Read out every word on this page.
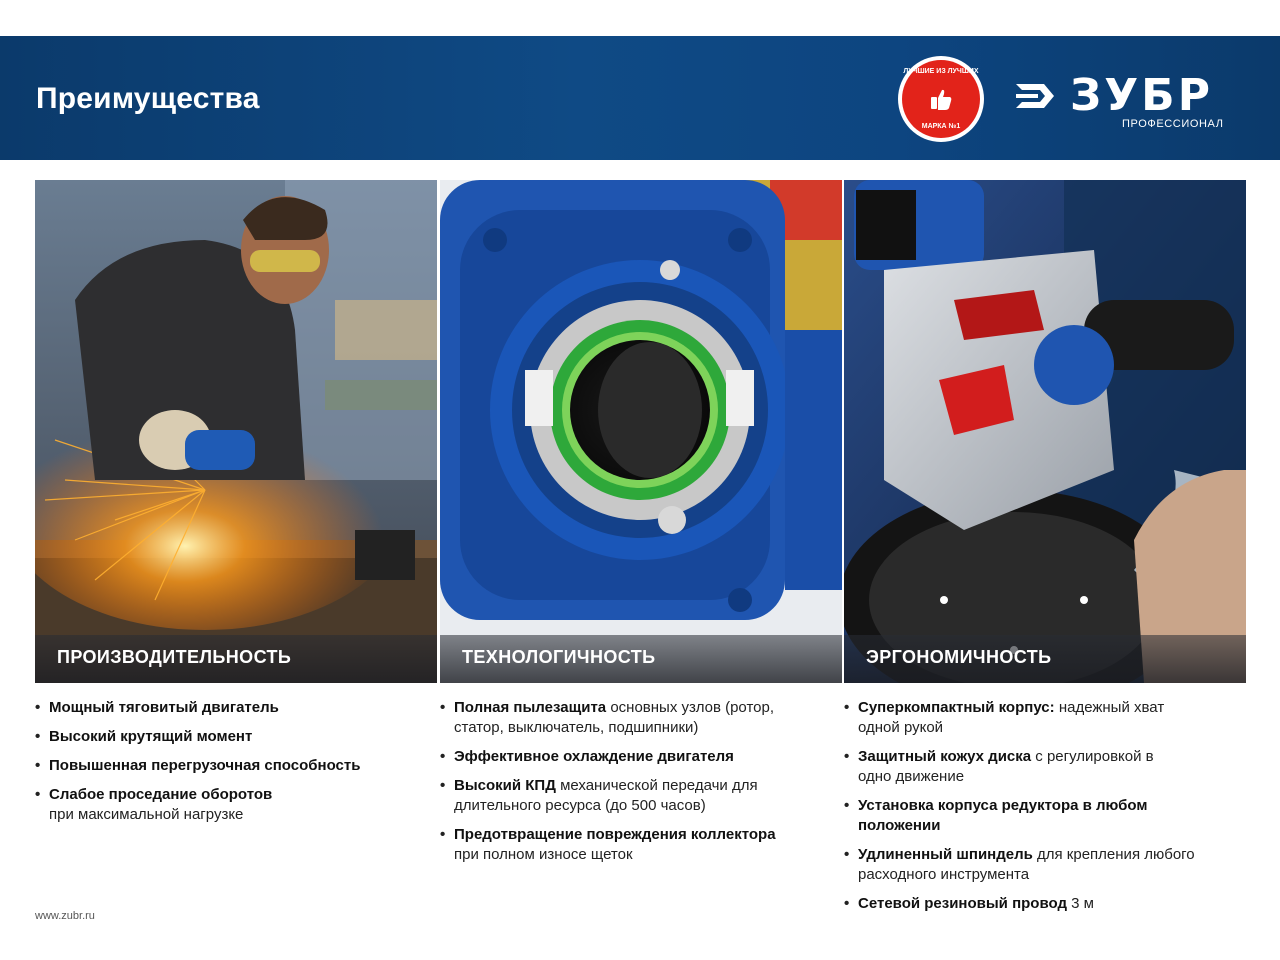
Преимущества
ЛУЧШИЕ ИЗ ЛУЧШИХ
МАРКА №1
ЗУБР
ПРОФЕССИОНАЛ
ПРОИЗВОДИТЕЛЬНОСТЬ	ТЕХНОЛОГИЧНОСТЬ	ЭРГОНОМИЧНОСТЬ
• Мощный тяговитый двигатель
• Высокий крутящий момент
• Повышенная перегрузочная способность
• Слабое проседание оборотов
при максимальной нагрузке
• Полная пылезащита основных узлов (ротор, статор, выключатель, подшипники)
• Эффективное охлаждение двигателя
• Высокий КПД механической передачи для длительного ресурса (до 500 часов)
• Предотвращение повреждения коллектора
при полном износе щеток
• Суперкомпактный корпус: надежный хват одной рукой
• Защитный кожух диска с регулировкой в одно движение
• Установка корпуса редуктора в любом положении
• Удлиненный шпиндель для крепления любого расходного инструмента
• Сетевой резиновый провод 3 м
www.zubr.ru
